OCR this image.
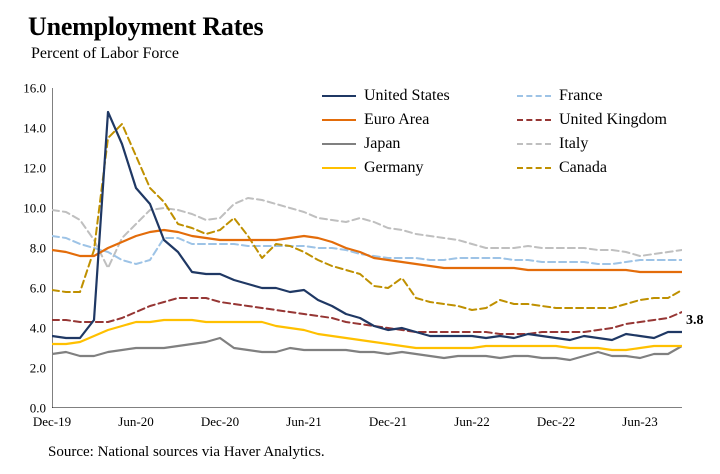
Unemployment Rates
Percent of Labor Force
0.0
2.0
4.0
6.0
8.0
10.0
12.0
14.0
16.0
Dec-19	Jun-20	Dec-20	Jun-21	Dec-21	Jun-22	Dec-22	Jun-23
United States	France
Euro Area	United Kingdom
Japan	Italy
Germany	Canada
3.8
Source: National sources via Haver Analytics.
